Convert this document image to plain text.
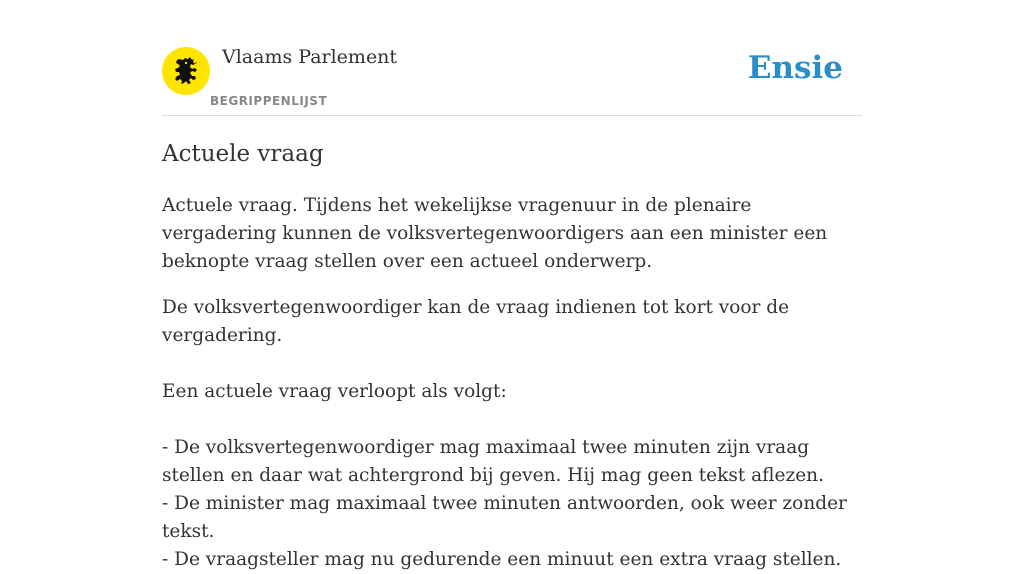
Vlaams Parlement
BEGRIPPENLIJST
Ensie
Actuele vraag

Actuele vraag. Tijdens het wekelijkse vragenuur in de plenaire vergadering kunnen de volksvertegenwoordigers aan een minister een beknopte vraag stellen over een actueel onderwerp.

De volksvertegenwoordiger kan de vraag indienen tot kort voor de vergadering.

Een actuele vraag verloopt als volgt:

- De volksvertegenwoordiger mag maximaal twee minuten zijn vraag stellen en daar wat achtergrond bij geven. Hij mag geen tekst aflezen.

- De minister mag maximaal twee minuten antwoorden, ook weer zonder tekst.

- De vraagsteller mag nu gedurende een minuut een extra vraag stellen.
